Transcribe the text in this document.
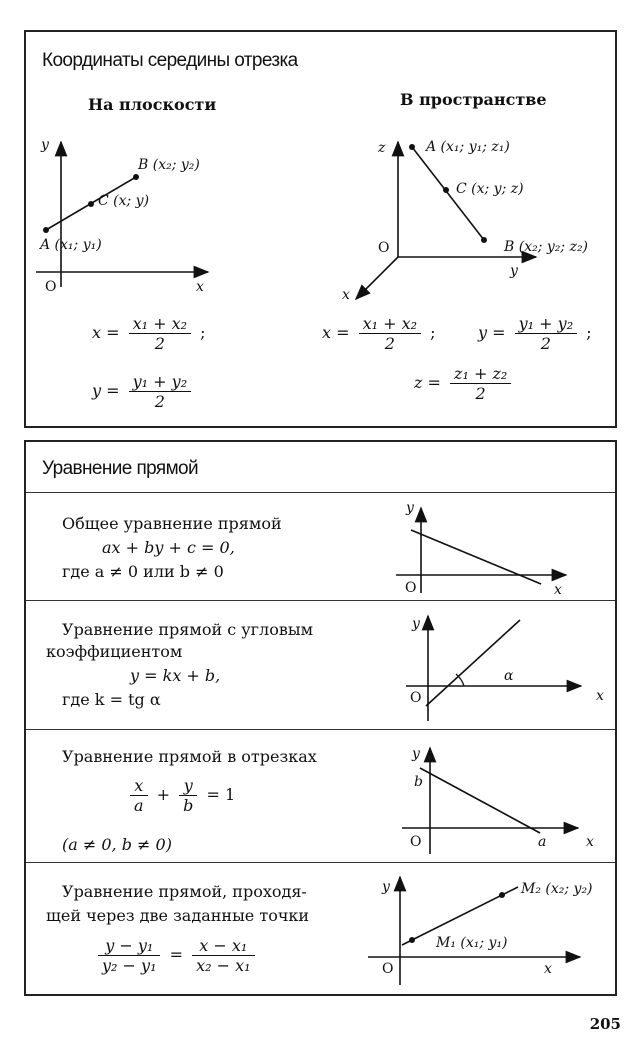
Координаты середины отрезка
На плоскости	В пространстве
y
x
O
A (x₁; y₁)
B (x₂; y₂)
C (x; y)
z
y
x
O
A (x₁; y₁; z₁)
C (x; y; z)
B (x₂; y₂; z₂)
$x = \frac{\text{x₁ + x₂}}{2}$ ;
$y = \frac{\text{y₁ + y₂}}{2}$
$x = \frac{\text{x₁ + x₂}}{2}$ ;	$y = \frac{\text{y₁ + y₂}}{2}$ ;
$z = \frac{\text{z₁ + z₂}}{2}$
Уравнение прямой
Общее уравнение прямой
ax + by + c = 0,
где a ≠ 0 или b ≠ 0
y
x
O
Уравнение прямой с угловым
коэффициентом
y = kx + b,
где k = tg α
y
x
O
α
Уравнение прямой в отрезках
$\frac{x}{a} + \frac{y}{b} = 1$
(a ≠ 0, b ≠ 0)
y
b
x
a
O
Уравнение прямой, проходя-
щей через две заданные точки
$\frac{\text{y − y₁}}{\text{y₂ − y₁}} = \frac{\text{x − x₁}}{\text{x₂ − x₁}}$
y
x
O
M₁ (x₁; y₁)
M₂ (x₂; y₂)
205
